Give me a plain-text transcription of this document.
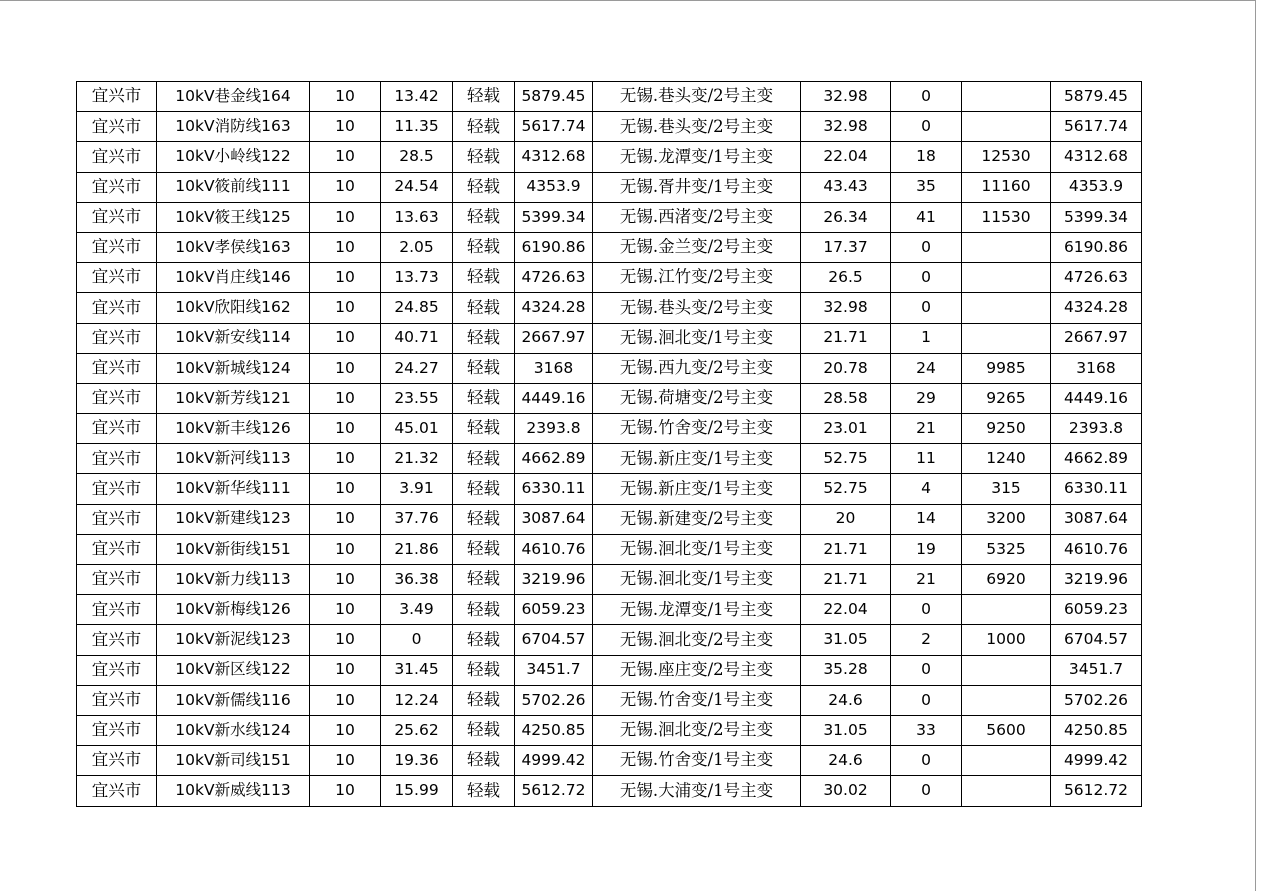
宜兴市	10kV巷金线164	10	13.42	轻载	5879.45	无锡.巷头变/2号主变	32.98	0		5879.45
宜兴市	10kV消防线163	10	11.35	轻载	5617.74	无锡.巷头变/2号主变	32.98	0		5617.74
宜兴市	10kV小岭线122	10	28.5	轻载	4312.68	无锡.龙潭变/1号主变	22.04	18	12530	4312.68
宜兴市	10kV筱前线111	10	24.54	轻载	4353.9	无锡.胥井变/1号主变	43.43	35	11160	4353.9
宜兴市	10kV筱王线125	10	13.63	轻载	5399.34	无锡.西渚变/2号主变	26.34	41	11530	5399.34
宜兴市	10kV孝侯线163	10	2.05	轻载	6190.86	无锡.金兰变/2号主变	17.37	0		6190.86
宜兴市	10kV肖庄线146	10	13.73	轻载	4726.63	无锡.江竹变/2号主变	26.5	0		4726.63
宜兴市	10kV欣阳线162	10	24.85	轻载	4324.28	无锡.巷头变/2号主变	32.98	0		4324.28
宜兴市	10kV新安线114	10	40.71	轻载	2667.97	无锡.洄北变/1号主变	21.71	1		2667.97
宜兴市	10kV新城线124	10	24.27	轻载	3168	无锡.西九变/2号主变	20.78	24	9985	3168
宜兴市	10kV新芳线121	10	23.55	轻载	4449.16	无锡.荷塘变/2号主变	28.58	29	9265	4449.16
宜兴市	10kV新丰线126	10	45.01	轻载	2393.8	无锡.竹舍变/2号主变	23.01	21	9250	2393.8
宜兴市	10kV新河线113	10	21.32	轻载	4662.89	无锡.新庄变/1号主变	52.75	11	1240	4662.89
宜兴市	10kV新华线111	10	3.91	轻载	6330.11	无锡.新庄变/1号主变	52.75	4	315	6330.11
宜兴市	10kV新建线123	10	37.76	轻载	3087.64	无锡.新建变/2号主变	20	14	3200	3087.64
宜兴市	10kV新街线151	10	21.86	轻载	4610.76	无锡.洄北变/1号主变	21.71	19	5325	4610.76
宜兴市	10kV新力线113	10	36.38	轻载	3219.96	无锡.洄北变/1号主变	21.71	21	6920	3219.96
宜兴市	10kV新梅线126	10	3.49	轻载	6059.23	无锡.龙潭变/1号主变	22.04	0		6059.23
宜兴市	10kV新泥线123	10	0	轻载	6704.57	无锡.洄北变/2号主变	31.05	2	1000	6704.57
宜兴市	10kV新区线122	10	31.45	轻载	3451.7	无锡.座庄变/2号主变	35.28	0		3451.7
宜兴市	10kV新儒线116	10	12.24	轻载	5702.26	无锡.竹舍变/1号主变	24.6	0		5702.26
宜兴市	10kV新水线124	10	25.62	轻载	4250.85	无锡.洄北变/2号主变	31.05	33	5600	4250.85
宜兴市	10kV新司线151	10	19.36	轻载	4999.42	无锡.竹舍变/1号主变	24.6	0		4999.42
宜兴市	10kV新威线113	10	15.99	轻载	5612.72	无锡.大浦变/1号主变	30.02	0		5612.72
